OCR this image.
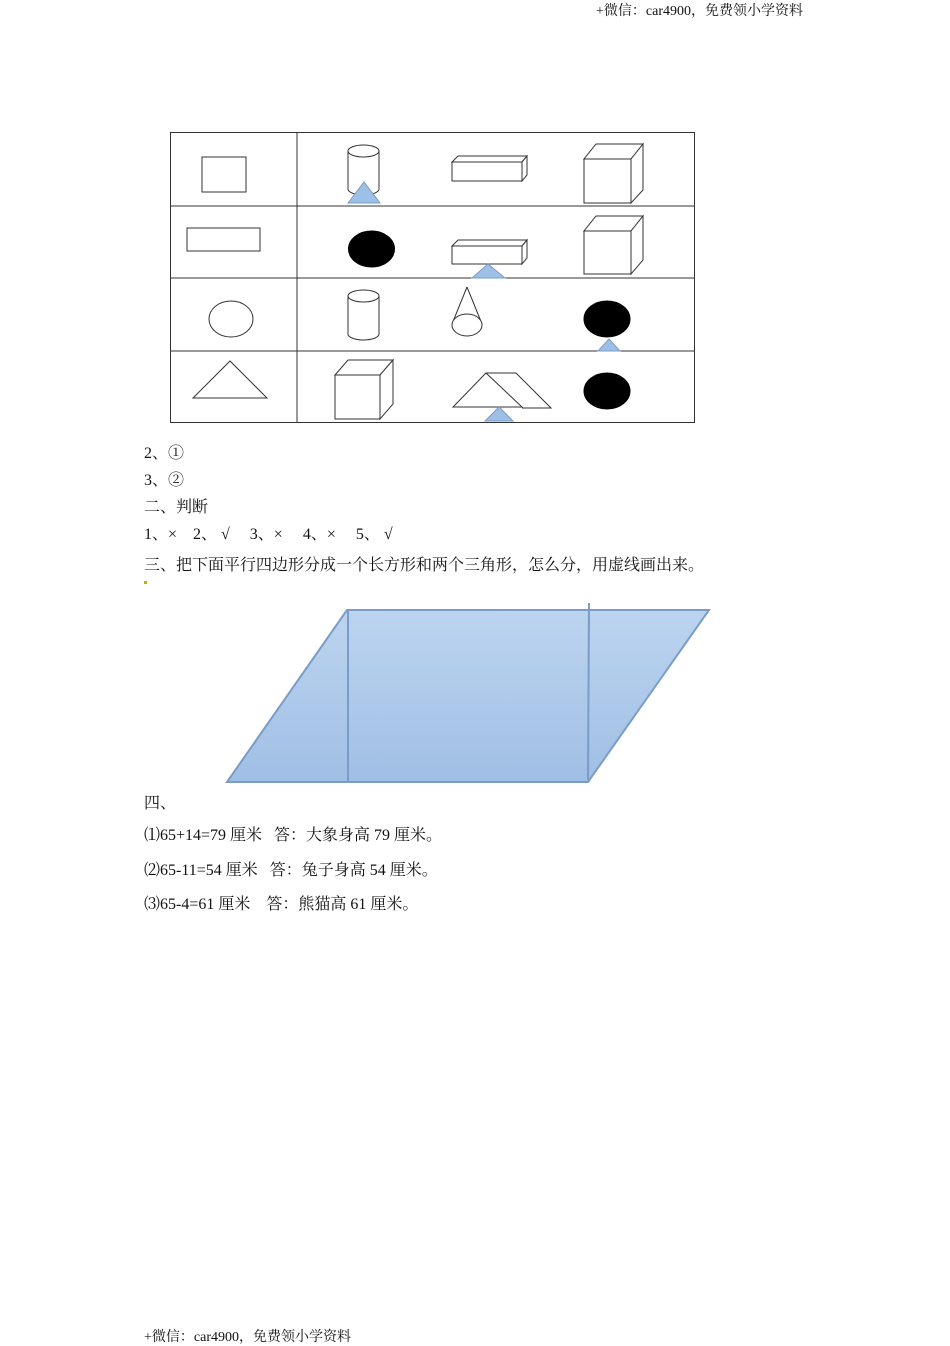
+微信：car4900，免费领小学资料
2、①
3、②
二、判断
1、×    2、 √     3、×     4、×     5、 √
三、把下面平行四边形分成一个长方形和两个三角形，怎么分，用虚线画出来。
四、
⑴65+14=79 厘米   答：大象身高 79 厘米。
⑵65-11=54 厘米   答：兔子身高 54 厘米。
⑶65-4=61 厘米    答：熊猫高 61 厘米。
+微信：car4900，免费领小学资料
